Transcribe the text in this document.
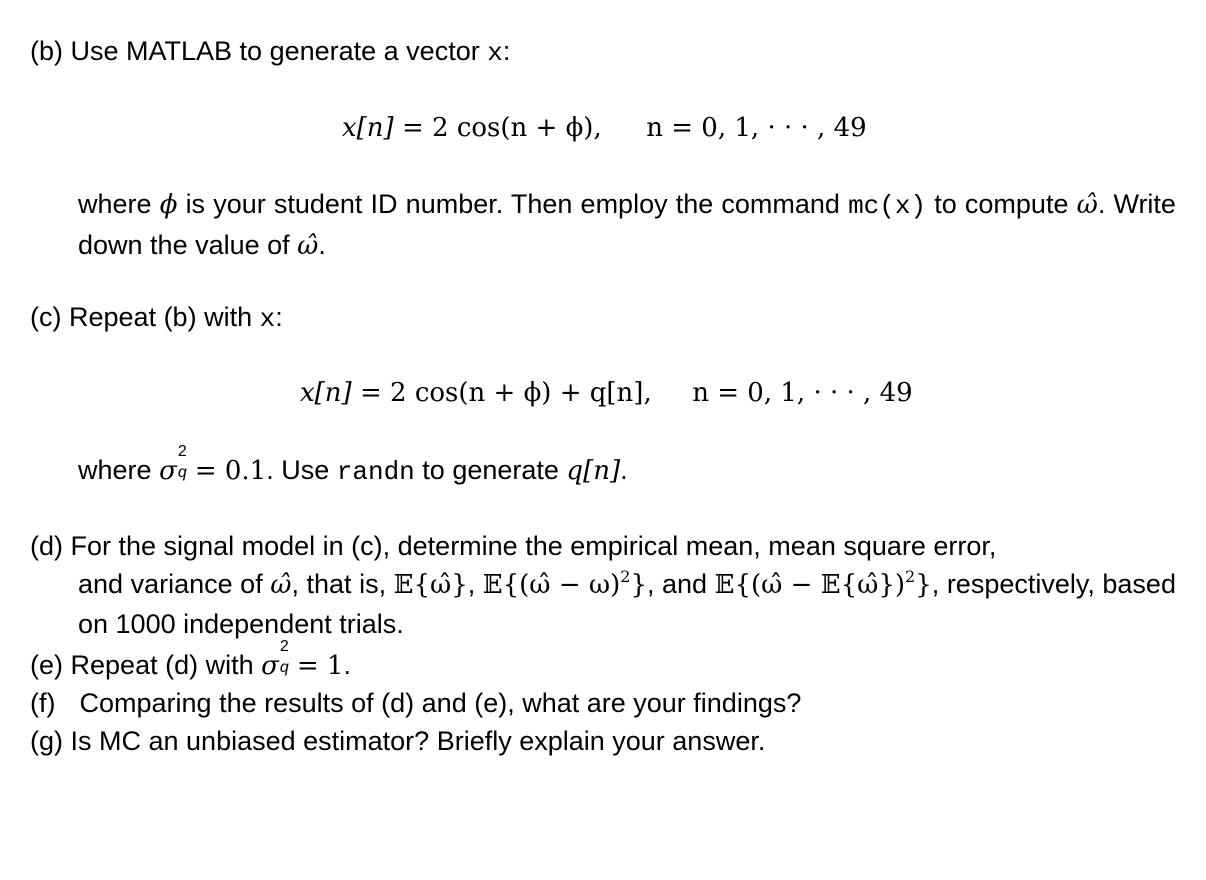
(b) Use MATLAB to generate a vector x:
x[n] = 2 cos(n + ϕ), n = 0, 1, · · · , 49
where ϕ is your student ID number. Then employ the command mc(x) to compute ω̂. Write down the value of ω̂.
(c) Repeat (b) with x:
x[n] = 2 cos(n + ϕ) + q[n], n = 0, 1, · · · , 49
where σ
2
q = 0.1. Use randn to generate q[n].
(d) For the signal model in (c), determine the empirical mean, mean square error,
and variance of ω̂, that is, 𝔼{ω̂}, 𝔼{(ω̂ − ω)$^2$}, and 𝔼{(ω̂ − 𝔼{ω̂})$^2$}, respectively, based on 1000 independent trials.
(e) Repeat (d) with σ
2
q = 1.
(f) Comparing the results of (d) and (e), what are your findings?
(g) Is MC an unbiased estimator? Briefly explain your answer.
